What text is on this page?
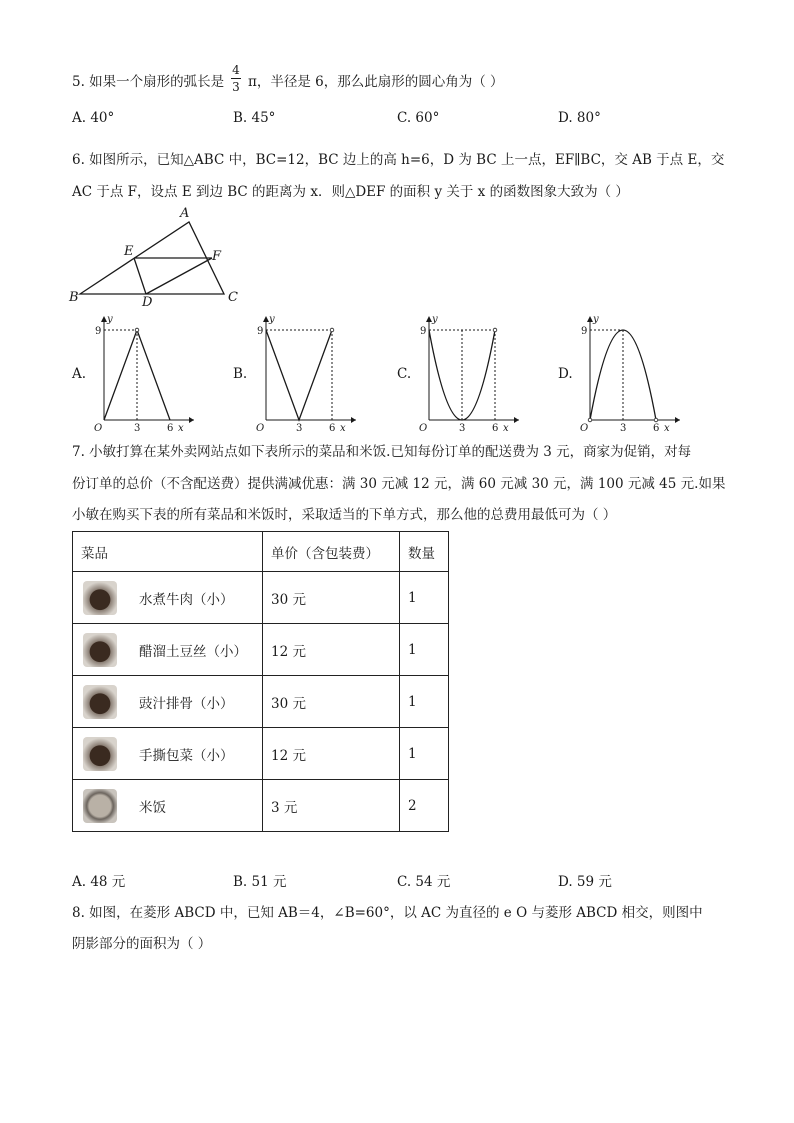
5. 如果一个扇形的弧长是
4
3 π，半径是 6，那么此扇形的圆心角为（ ）
A. 40°	B. 45°	C. 60°	D. 80°
6. 如图所示，已知△ABC 中，BC=12，BC 边上的高 h=6，D 为 BC 上一点，EF∥BC，交 AB 于点 E，交
AC 于点 F，设点 E 到边 BC 的距离为 x．则△DEF 的面积 y 关于 x 的函数图象大致为（ ）
A
B	C
D
E	F
A.	B.	C.	D.
y
9
O	3	6 x
y
9
O	3	6 x
y
9
O	3	6 x
y
9
O	3	6 x
7. 小敏打算在某外卖网站点如下表所示的菜品和米饭.已知每份订单的配送费为 3 元，商家为促销，对每
份订单的总价（不含配送费）提供满减优惠：满 30 元减 12 元，满 60 元减 30 元，满 100 元减 45 元.如果
小敏在购买下表的所有菜品和米饭时，采取适当的下单方式，那么他的总费用最低可为（ ）
菜品	单价（含包装费）	数量

水煮牛肉（小）	30 元	1

醋溜土豆丝（小）	12 元	1

豉汁排骨（小）	30 元	1

手撕包菜（小）	12 元	1

米饭	3 元	2
A. 48 元	B. 51 元	C. 54 元	D. 59 元
8. 如图，在菱形 ABCD 中，已知 AB＝4，∠B=60°，以 AC 为直径的 e O 与菱形 ABCD 相交，则图中
阴影部分的面积为（ ）
